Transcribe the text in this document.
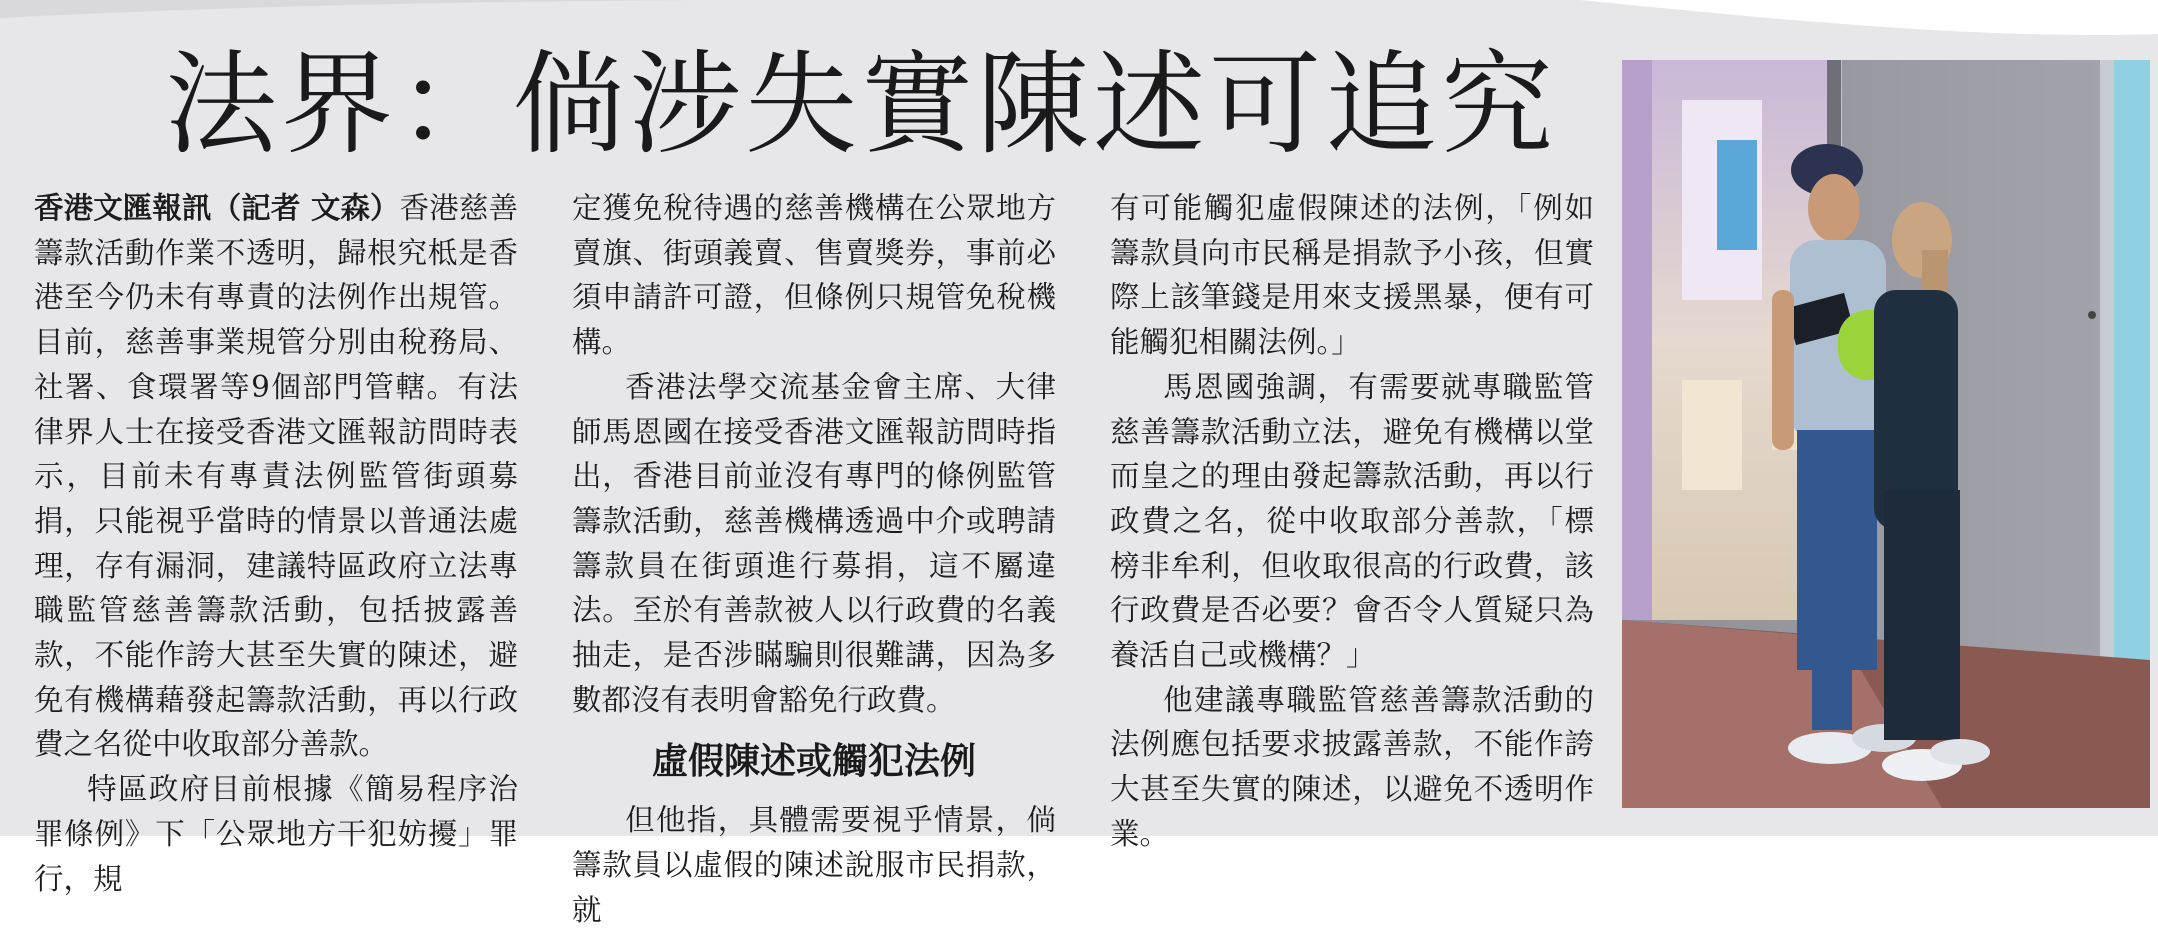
法界：倘涉失實陳述可追究

香港文匯報訊（記者 文森）香港慈善籌款活動作業不透明，歸根究柢是香港至今仍未有專責的法例作出規管。目前，慈善事業規管分別由稅務局、社署、食環署等9個部門管轄。有法律界人士在接受香港文匯報訪問時表示，目前未有專責法例監管街頭募捐，只能視乎當時的情景以普通法處理，存有漏洞，建議特區政府立法專職監管慈善籌款活動，包括披露善款，不能作誇大甚至失實的陳述，避免有機構藉發起籌款活動，再以行政費之名從中收取部分善款。

特區政府目前根據《簡易程序治罪條例》下「公眾地方干犯妨擾」罪行，規

定獲免稅待遇的慈善機構在公眾地方賣旗、街頭義賣、售賣獎券，事前必須申請許可證，但條例只規管免稅機構。

香港法學交流基金會主席、大律師馬恩國在接受香港文匯報訪問時指出，香港目前並沒有專門的條例監管籌款活動，慈善機構透過中介或聘請籌款員在街頭進行募捐，這不屬違法。至於有善款被人以行政費的名義抽走，是否涉瞞騙則很難講，因為多數都沒有表明會豁免行政費。

虛假陳述或觸犯法例

但他指，具體需要視乎情景，倘籌款員以虛假的陳述說服市民捐款，就

有可能觸犯虛假陳述的法例，「例如籌款員向市民稱是捐款予小孩，但實際上該筆錢是用來支援黑暴，便有可能觸犯相關法例。」

馬恩國強調，有需要就專職監管慈善籌款活動立法，避免有機構以堂而皇之的理由發起籌款活動，再以行政費之名，從中收取部分善款，「標榜非牟利，但收取很高的行政費，該行政費是否必要？會否令人質疑只為養活自己或機構？」

他建議專職監管慈善籌款活動的法例應包括要求披露善款，不能作誇大甚至失實的陳述，以避免不透明作業。
